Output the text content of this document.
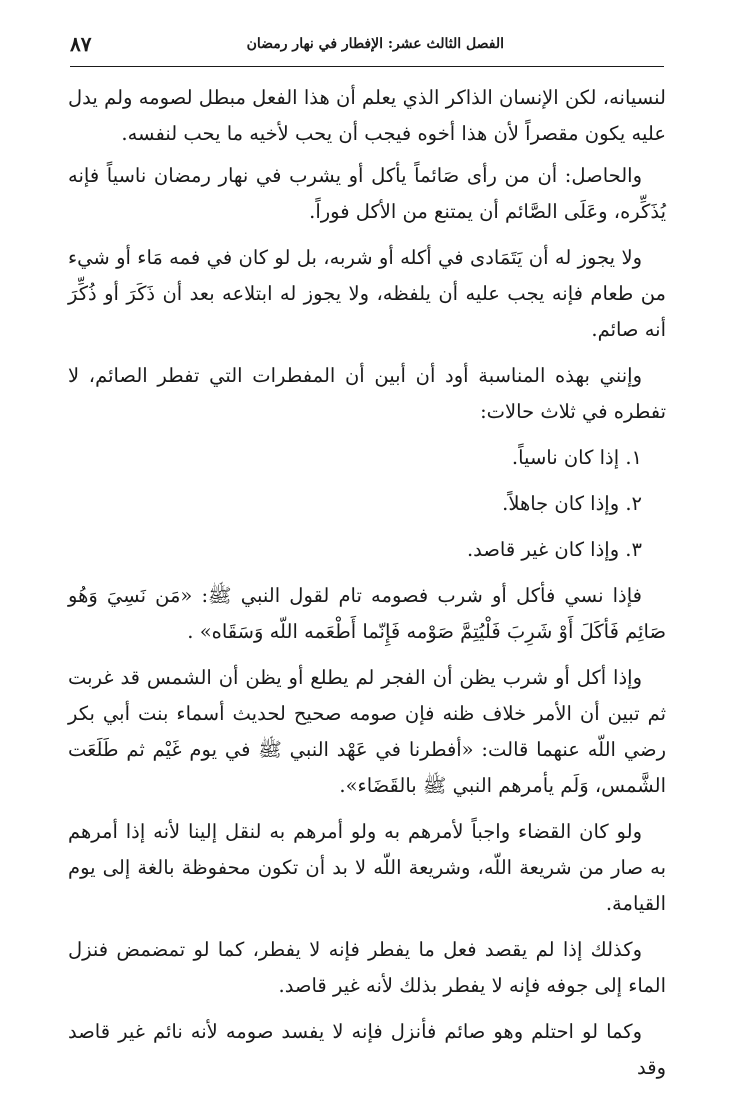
الفصل الثالث عشر: الإفطار في نهار رمضان
٨٧

لنسيانه، لكن الإنسان الذاكر الذي يعلم أن هذا الفعل مبطل لصومه ولم يدل عليه يكون مقصراً لأن هذا أخوه فيجب أن يحب لأخيه ما يحب لنفسه.

والحاصل: أن من رأى صَائماً يأكل أو يشرب في نهار رمضان ناسياً فإنه يُذَكِّره، وعَلَى الصَّائم أن يمتنع من الأكل فوراً.

ولا يجوز له أن يَتَمَادى في أكله أو شربه، بل لو كان في فمه مَاء أو شيء من طعام فإنه يجب عليه أن يلفظه، ولا يجوز له ابتلاعه بعد أن ذَكَرَ أو ذُكِّرَ أنه صائم.

وإنني بهذه المناسبة أود أن أبين أن المفطرات التي تفطر الصائم، لا تفطره في ثلاث حالات:

١. إذا كان ناسياً.

٢. وإذا كان جاهلاً.

٣. وإذا كان غير قاصد.

فإذا نسي فأكل أو شرب فصومه تام لقول النبي ﷺ: «مَن نَسِيَ وَهُو صَائِم فَأكَلَ أَوْ شَرِبَ فَلْيُتِمَّ صَوْمه فَإِنّما أَطْعَمه اللّه وَسَقَاه» .

وإذا أكل أو شرب يظن أن الفجر لم يطلع أو يظن أن الشمس قد غربت ثم تبين أن الأمر خلاف ظنه فإن صومه صحيح لحديث أسماء بنت أبي بكر رضي اللّه عنهما قالت: «أفطرنا في عَهْد النبي ﷺ في يوم غَيْم ثم طَلَعَت الشَّمس، وَلَم يأمرهم النبي ﷺ بالقَضَاء».

ولو كان القضاء واجباً لأمرهم به ولو أمرهم به لنقل إلينا لأنه إذا أمرهم به صار من شريعة اللّه، وشريعة اللّه لا بد أن تكون محفوظة بالغة إلى يوم القيامة.

وكذلك إذا لم يقصد فعل ما يفطر فإنه لا يفطر، كما لو تمضمض فنزل الماء إلى جوفه فإنه لا يفطر بذلك لأنه غير قاصد.

وكما لو احتلم وهو صائم فأنزل فإنه لا يفسد صومه لأنه نائم غير قاصد وقد
